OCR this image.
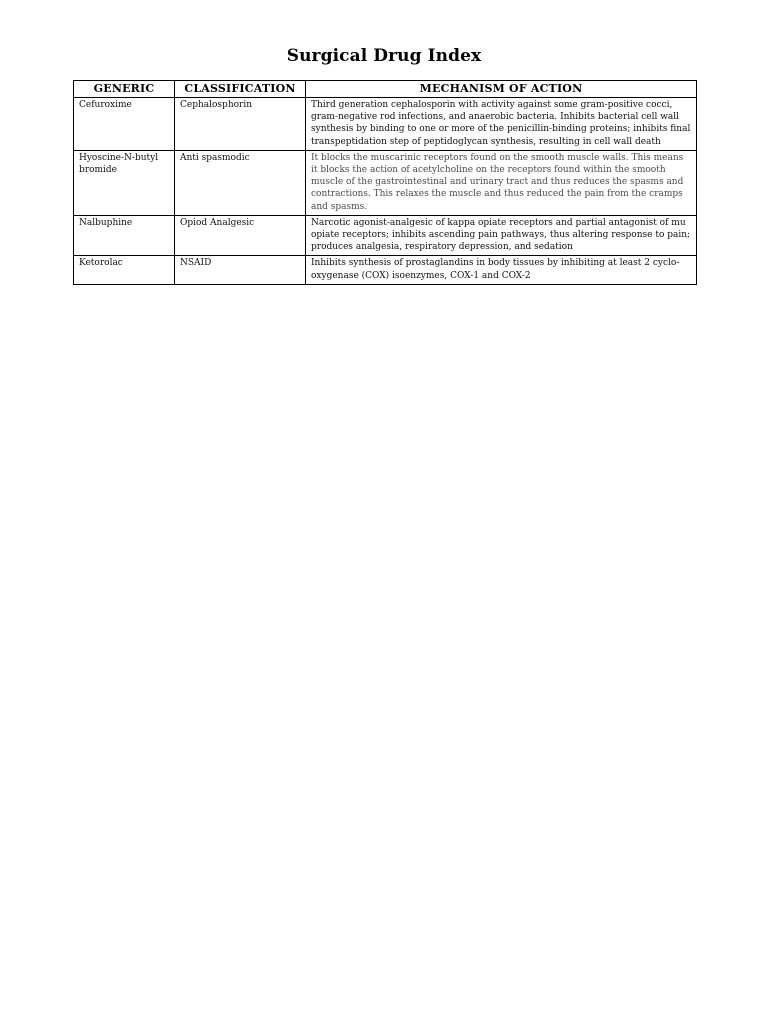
Surgical Drug Index
GENERIC	CLASSIFICATION	MECHANISM OF ACTION
Cefuroxime	Cephalosphorin	Third generation cephalosporin with activity against some gram-positive cocci, gram-negative rod infections, and anaerobic bacteria. Inhibits bacterial cell wall synthesis by binding to one or more of the penicillin-binding proteins; inhibits final transpeptidation step of peptidoglycan synthesis, resulting in cell wall death
Hyoscine-N-butyl bromide	Anti spasmodic	It blocks the muscarinic receptors found on the smooth muscle walls. This means it blocks the action of acetylcholine on the receptors found within the smooth muscle of the gastrointestinal and urinary tract and thus reduces the spasms and contractions. This relaxes the muscle and thus reduced the pain from the cramps and spasms.
Nalbuphine	Opiod Analgesic	Narcotic agonist-analgesic of kappa opiate receptors and partial antagonist of mu opiate receptors; inhibits ascending pain pathways, thus altering response to pain; produces analgesia, respiratory depression, and sedation
Ketorolac	NSAID	Inhibits synthesis of prostaglandins in body tissues by inhibiting at least 2 cyclo-oxygenase (COX) isoenzymes, COX-1 and COX-2
